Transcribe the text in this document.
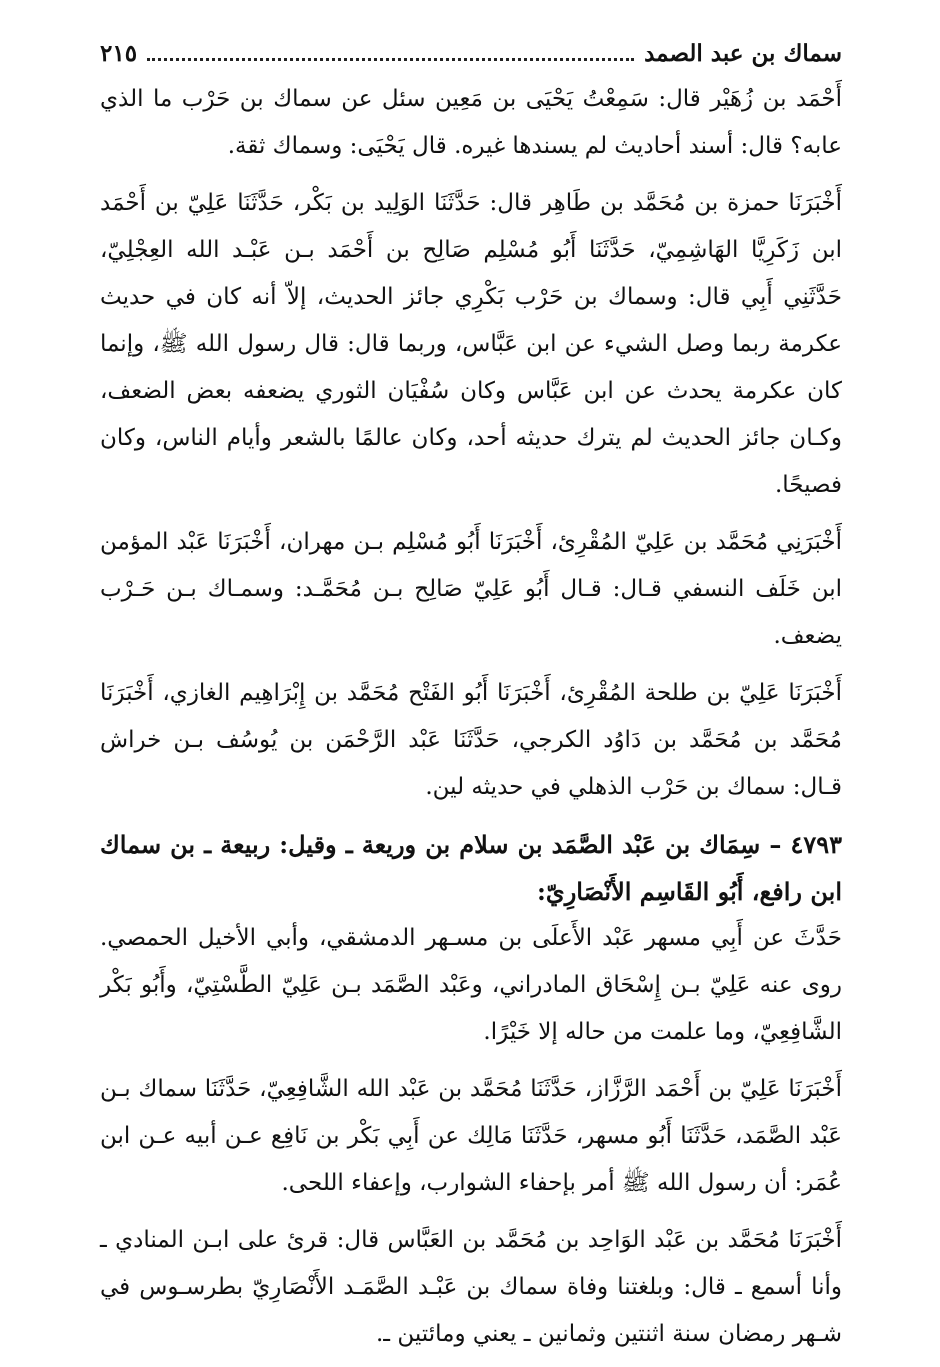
سماك بن عبد الصمد
٢١٥

أَحْمَد بن زُهَيْر قال: سَمِعْتُ يَحْيَى بن مَعِين سئل عن سماك بن حَرْب ما الذي عابه؟ قال: أسند أحاديث لم يسندها غيره. قال يَحْيَى: وسماك ثقة.

أَخْبَرَنَا حمزة بن مُحَمَّد بن طَاهِر قال: حَدَّثَنَا الوَلِيد بن بَكْر، حَدَّثَنَا عَلِيّ بن أَحْمَد ابن زَكَرِيَّا الهَاشِمِيّ، حَدَّثَنَا أَبُو مُسْلِم صَالِح بن أَحْمَد بـن عَبْـد الله العِجْلِيّ، حَدَّثَنِي أَبِي قال: وسماك بن حَرْب بَكْرِي جائز الحديث، إلاّ أنه كان في حديث عكرمة ربما وصل الشيء عن ابن عَبَّاس، وربما قال: قال رسول الله ﷺ، وإنما كان عكرمة يحدث عن ابن عَبَّاس وكان سُفْيَان الثوري يضعفه بعض الضعف، وكـان جائز الحديث لم يترك حديثه أحد، وكان عالمًا بالشعر وأيام الناس، وكان فصيحًا.

أَخْبَرَنِي مُحَمَّد بن عَلِيّ المُقْرِئ، أَخْبَرَنَا أَبُو مُسْلِم بـن مهران، أَخْبَرَنَا عَبْد المؤمن ابن خَلَف النسفي قـال: قـال أَبُو عَلِيّ صَالِح بـن مُحَمَّـد: وسمـاك بـن حَـرْب يضعف.

أَخْبَرَنَا عَلِيّ بن طلحة المُقْرِئ، أَخْبَرَنَا أَبُو الفَتْح مُحَمَّد بن إِبْرَاهِيم الغازي، أَخْبَرَنَا مُحَمَّد بن مُحَمَّد بن دَاوُد الكرجي، حَدَّثَنَا عَبْد الرَّحْمَن بن يُوسُف بـن خراش قـال: سماك بن حَرْب الذهلي في حديثه لين.

٤٧٩٣ – سِمَاك بن عَبْد الصَّمَد بن سلام بن وريعة ـ وقيل: ربيعة ـ بن سماك ابن رافع، أَبُو القَاسِم الأَنْصَارِيّ:

حَدَّثَ عن أَبِي مسهر عَبْد الأَعلَى بن مسـهر الدمشقي، وأبي الأخيل الحمصي. روى عنه عَلِيّ بـن إِسْحَاق المادراني، وعَبْد الصَّمَد بـن عَلِيّ الطَّسْتِيّ، وأَبُو بَكْر الشَّافِعِيّ، وما علمت من حاله إلا خَيْرًا.

أَخْبَرَنَا عَلِيّ بن أَحْمَد الرَّزَّاز، حَدَّثَنَا مُحَمَّد بن عَبْد الله الشَّافِعِيّ، حَدَّثَنَا سماك بـن عَبْد الصَّمَد، حَدَّثَنَا أَبُو مسهر، حَدَّثَنَا مَالِك عن أَبِي بَكْر بن نَافِع عـن أبيه عـن ابن عُمَر: أن رسول الله ﷺ أمر بإحفاء الشوارب، وإعفاء اللحى.

أَخْبَرَنَا مُحَمَّد بن عَبْد الوَاحِد بن مُحَمَّد بن العَبَّاس قال: قرئ على ابـن المنادي ـ وأنا أسمع ـ قال: وبلغتنا وفاة سماك بن عَبْـد الصَّمَـد الأَنْصَارِيّ بطرسـوس في شـهر رمضان سنة اثنتين وثمانين ـ يعني ومائتين ـ.
